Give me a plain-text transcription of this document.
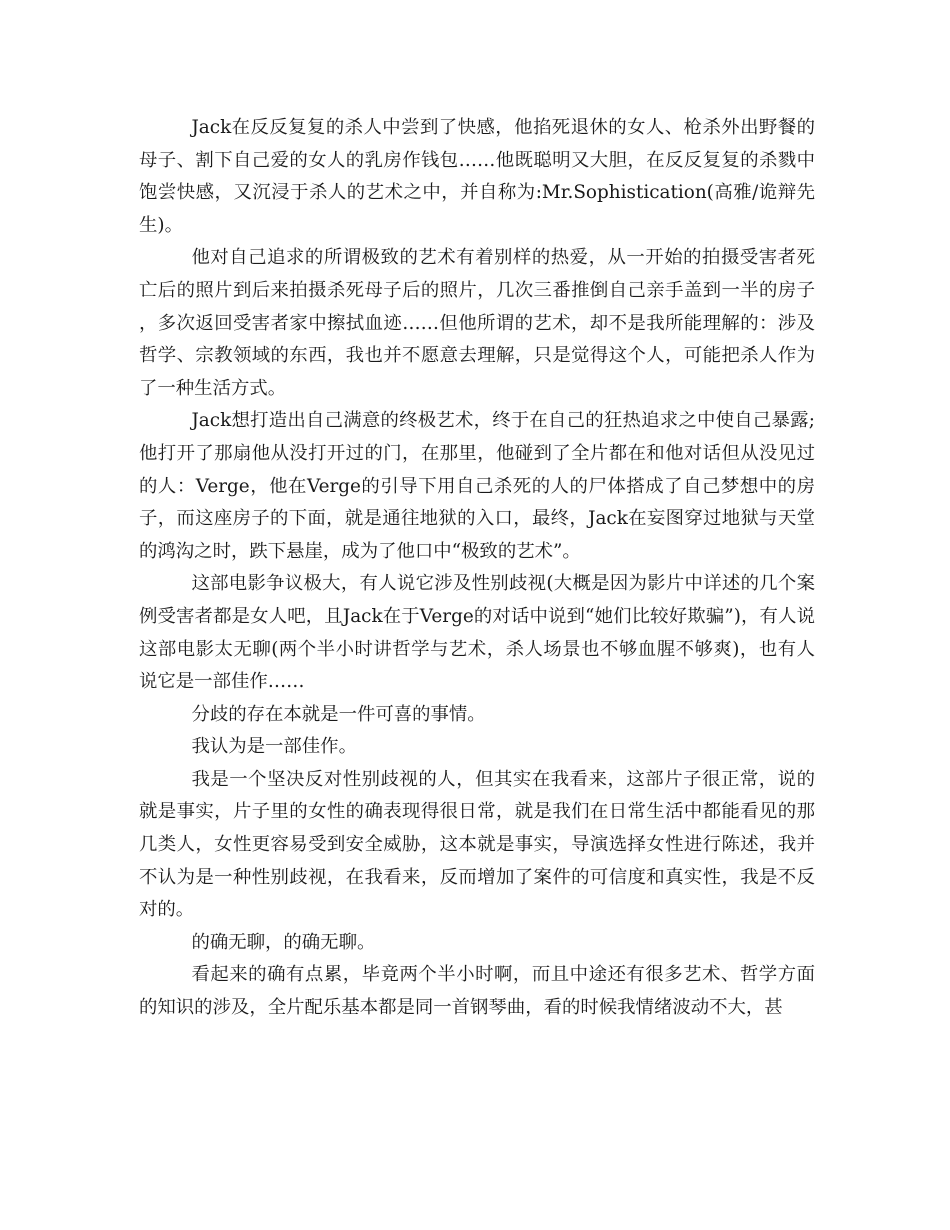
Jack在反反复复的杀人中尝到了快感，他掐死退休的女人、枪杀外出野餐的母子、割下自己爱的女人的乳房作钱包……他既聪明又大胆，在反反复复的杀戮中饱尝快感，又沉浸于杀人的艺术之中，并自称为:Mr.Sophistication(高雅/诡辩先生)。

他对自己追求的所谓极致的艺术有着别样的热爱，从一开始的拍摄受害者死亡后的照片到后来拍摄杀死母子后的照片，几次三番推倒自己亲手盖到一半的房子，多次返回受害者家中擦拭血迹……但他所谓的艺术，却不是我所能理解的：涉及哲学、宗教领域的东西，我也并不愿意去理解，只是觉得这个人，可能把杀人作为了一种生活方式。

Jack想打造出自己满意的终极艺术，终于在自己的狂热追求之中使自己暴露;他打开了那扇他从没打开过的门，在那里，他碰到了全片都在和他对话但从没见过的人：Verge，他在Verge的引导下用自己杀死的人的尸体搭成了自己梦想中的房子，而这座房子的下面，就是通往地狱的入口，最终，Jack在妄图穿过地狱与天堂的鸿沟之时，跌下悬崖，成为了他口中“极致的艺术”。

这部电影争议极大，有人说它涉及性别歧视(大概是因为影片中详述的几个案例受害者都是女人吧，且Jack在于Verge的对话中说到“她们比较好欺骗”)，有人说这部电影太无聊(两个半小时讲哲学与艺术，杀人场景也不够血腥不够爽)，也有人说它是一部佳作……

分歧的存在本就是一件可喜的事情。

我认为是一部佳作。

我是一个坚决反对性别歧视的人，但其实在我看来，这部片子很正常，说的就是事实，片子里的女性的确表现得很日常，就是我们在日常生活中都能看见的那几类人，女性更容易受到安全威胁，这本就是事实，导演选择女性进行陈述，我并不认为是一种性别歧视，在我看来，反而增加了案件的可信度和真实性，我是不反对的。

的确无聊，的确无聊。

看起来的确有点累，毕竟两个半小时啊，而且中途还有很多艺术、哲学方面的知识的涉及，全片配乐基本都是同一首钢琴曲，看的时候我情绪波动不大，甚
